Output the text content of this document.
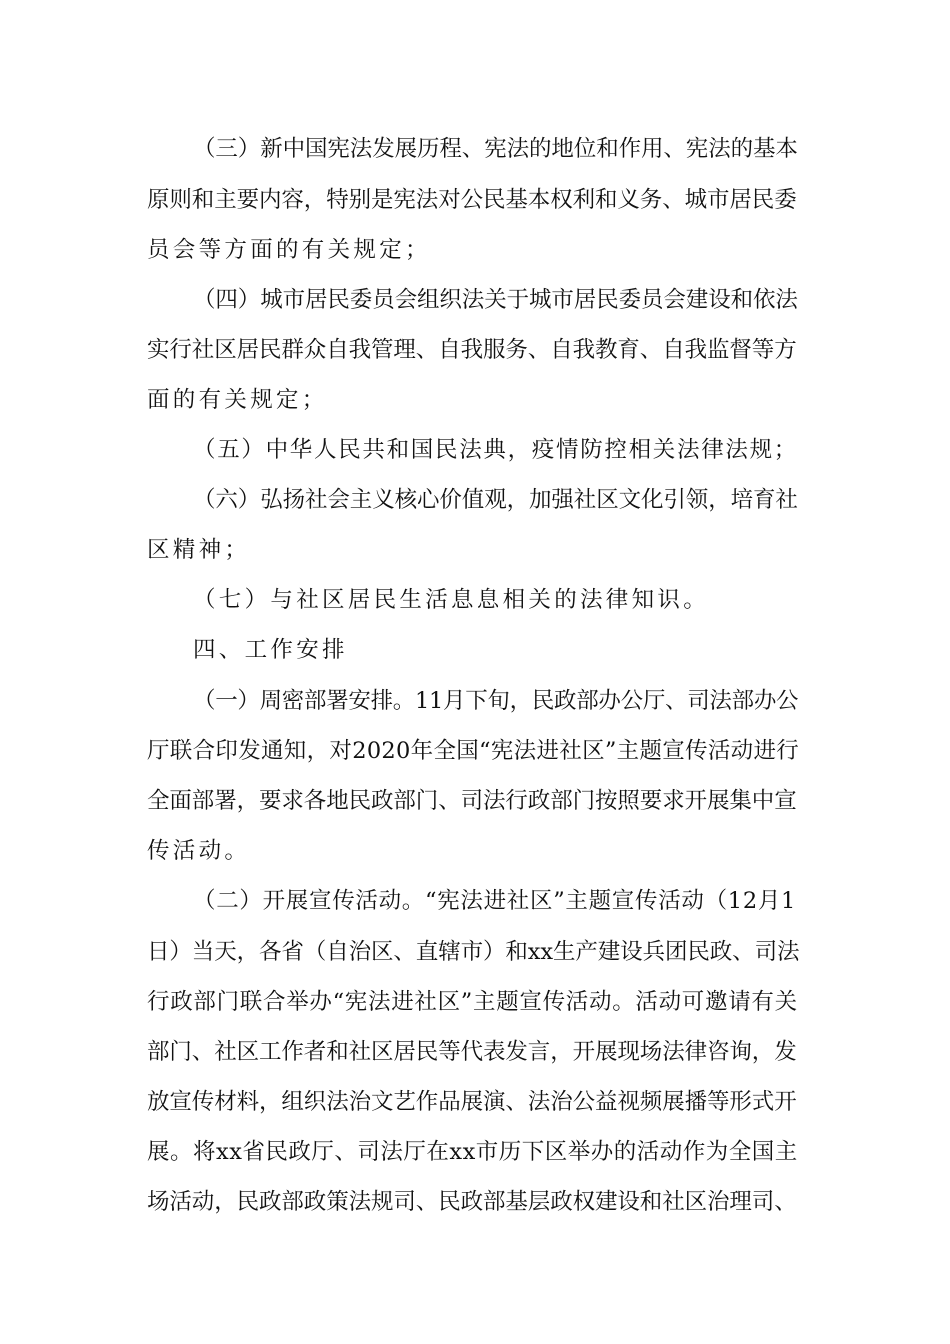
（三）新中国宪法发展历程、宪法的地位和作用、宪法的基本
原则和主要内容，特别是宪法对公民基本权利和义务、城市居民委
员会等方面的有关规定；
（四）城市居民委员会组织法关于城市居民委员会建设和依法
实行社区居民群众自我管理、自我服务、自我教育、自我监督等方
面的有关规定；
（五）中华人民共和国民法典，疫情防控相关法律法规；
（六）弘扬社会主义核心价值观，加强社区文化引领，培育社
区精神；
（七）与社区居民生活息息相关的法律知识。
四、工作安排
（一）周密部署安排。11月下旬，民政部办公厅、司法部办公
厅联合印发通知，对2020年全国“宪法进社区”主题宣传活动进行
全面部署，要求各地民政部门、司法行政部门按照要求开展集中宣
传活动。
（二）开展宣传活动。“宪法进社区”主题宣传活动（12月1
日）当天，各省（自治区、直辖市）和xx生产建设兵团民政、司法
行政部门联合举办“宪法进社区”主题宣传活动。活动可邀请有关
部门、社区工作者和社区居民等代表发言，开展现场法律咨询，发
放宣传材料，组织法治文艺作品展演、法治公益视频展播等形式开
展。将xx省民政厅、司法厅在xx市历下区举办的活动作为全国主
场活动，民政部政策法规司、民政部基层政权建设和社区治理司、
